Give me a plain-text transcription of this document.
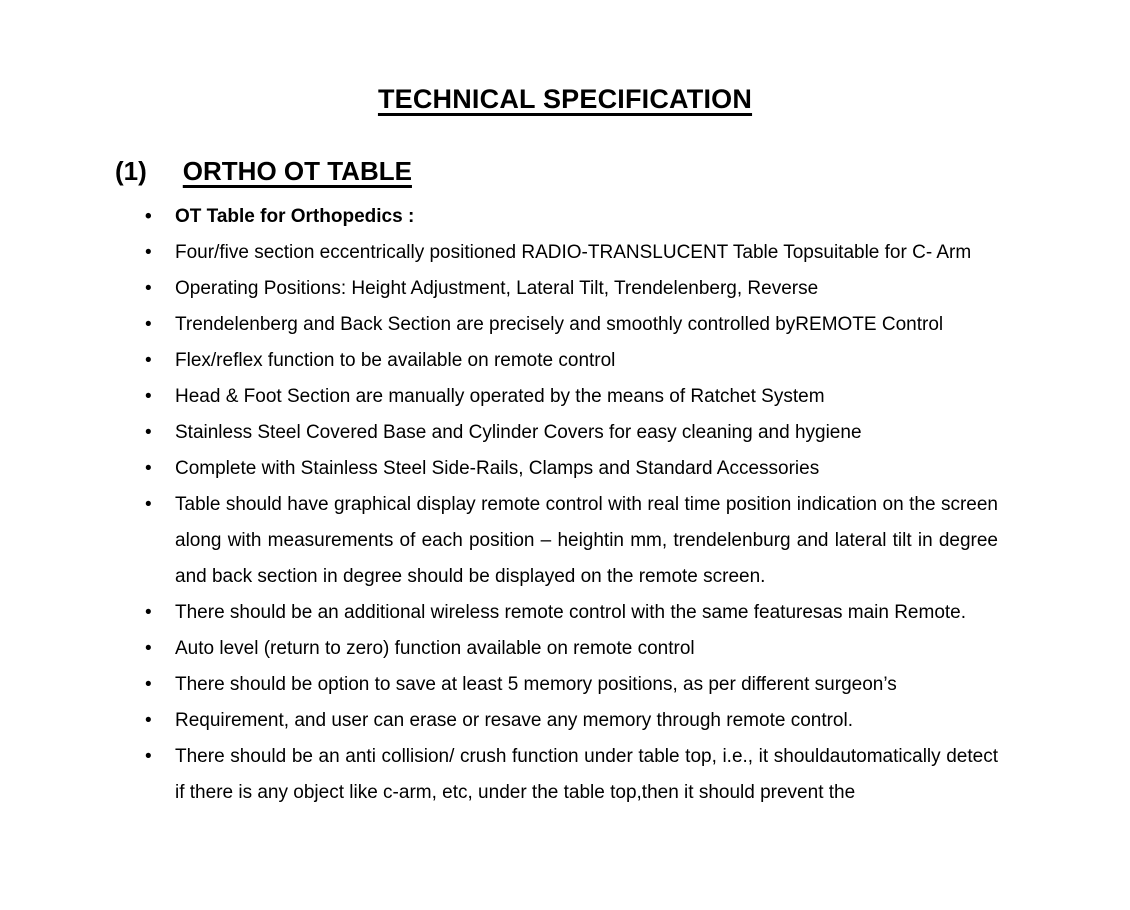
TECHNICAL SPECIFICATION
(1) ORTHO OT TABLE
• OT Table for Orthopedics :
• Four/five section eccentrically positioned RADIO-TRANSLUCENT Table Topsuitable for C- Arm
• Operating Positions: Height Adjustment, Lateral Tilt, Trendelenberg, Reverse
• Trendelenberg and Back Section are precisely and smoothly controlled byREMOTE Control
• Flex/reflex function to be available on remote control
• Head & Foot Section are manually operated by the means of Ratchet System
• Stainless Steel Covered Base and Cylinder Covers for easy cleaning and hygiene
• Complete with Stainless Steel Side-Rails, Clamps and Standard Accessories
• Table should have graphical display remote control with real time position indication on the screen along with measurements of each position – heightin mm, trendelenburg and lateral tilt in degree and back section in degree should be displayed on the remote screen.
• There should be an additional wireless remote control with the same featuresas main Remote.
• Auto level (return to zero) function available on remote control
• There should be option to save at least 5 memory positions, as per different surgeon’s
• Requirement, and user can erase or resave any memory through remote control.
• There should be an anti collision/ crush function under table top, i.e., it shouldautomatically detect if there is any object like c-arm, etc, under the table top,then it should prevent the
